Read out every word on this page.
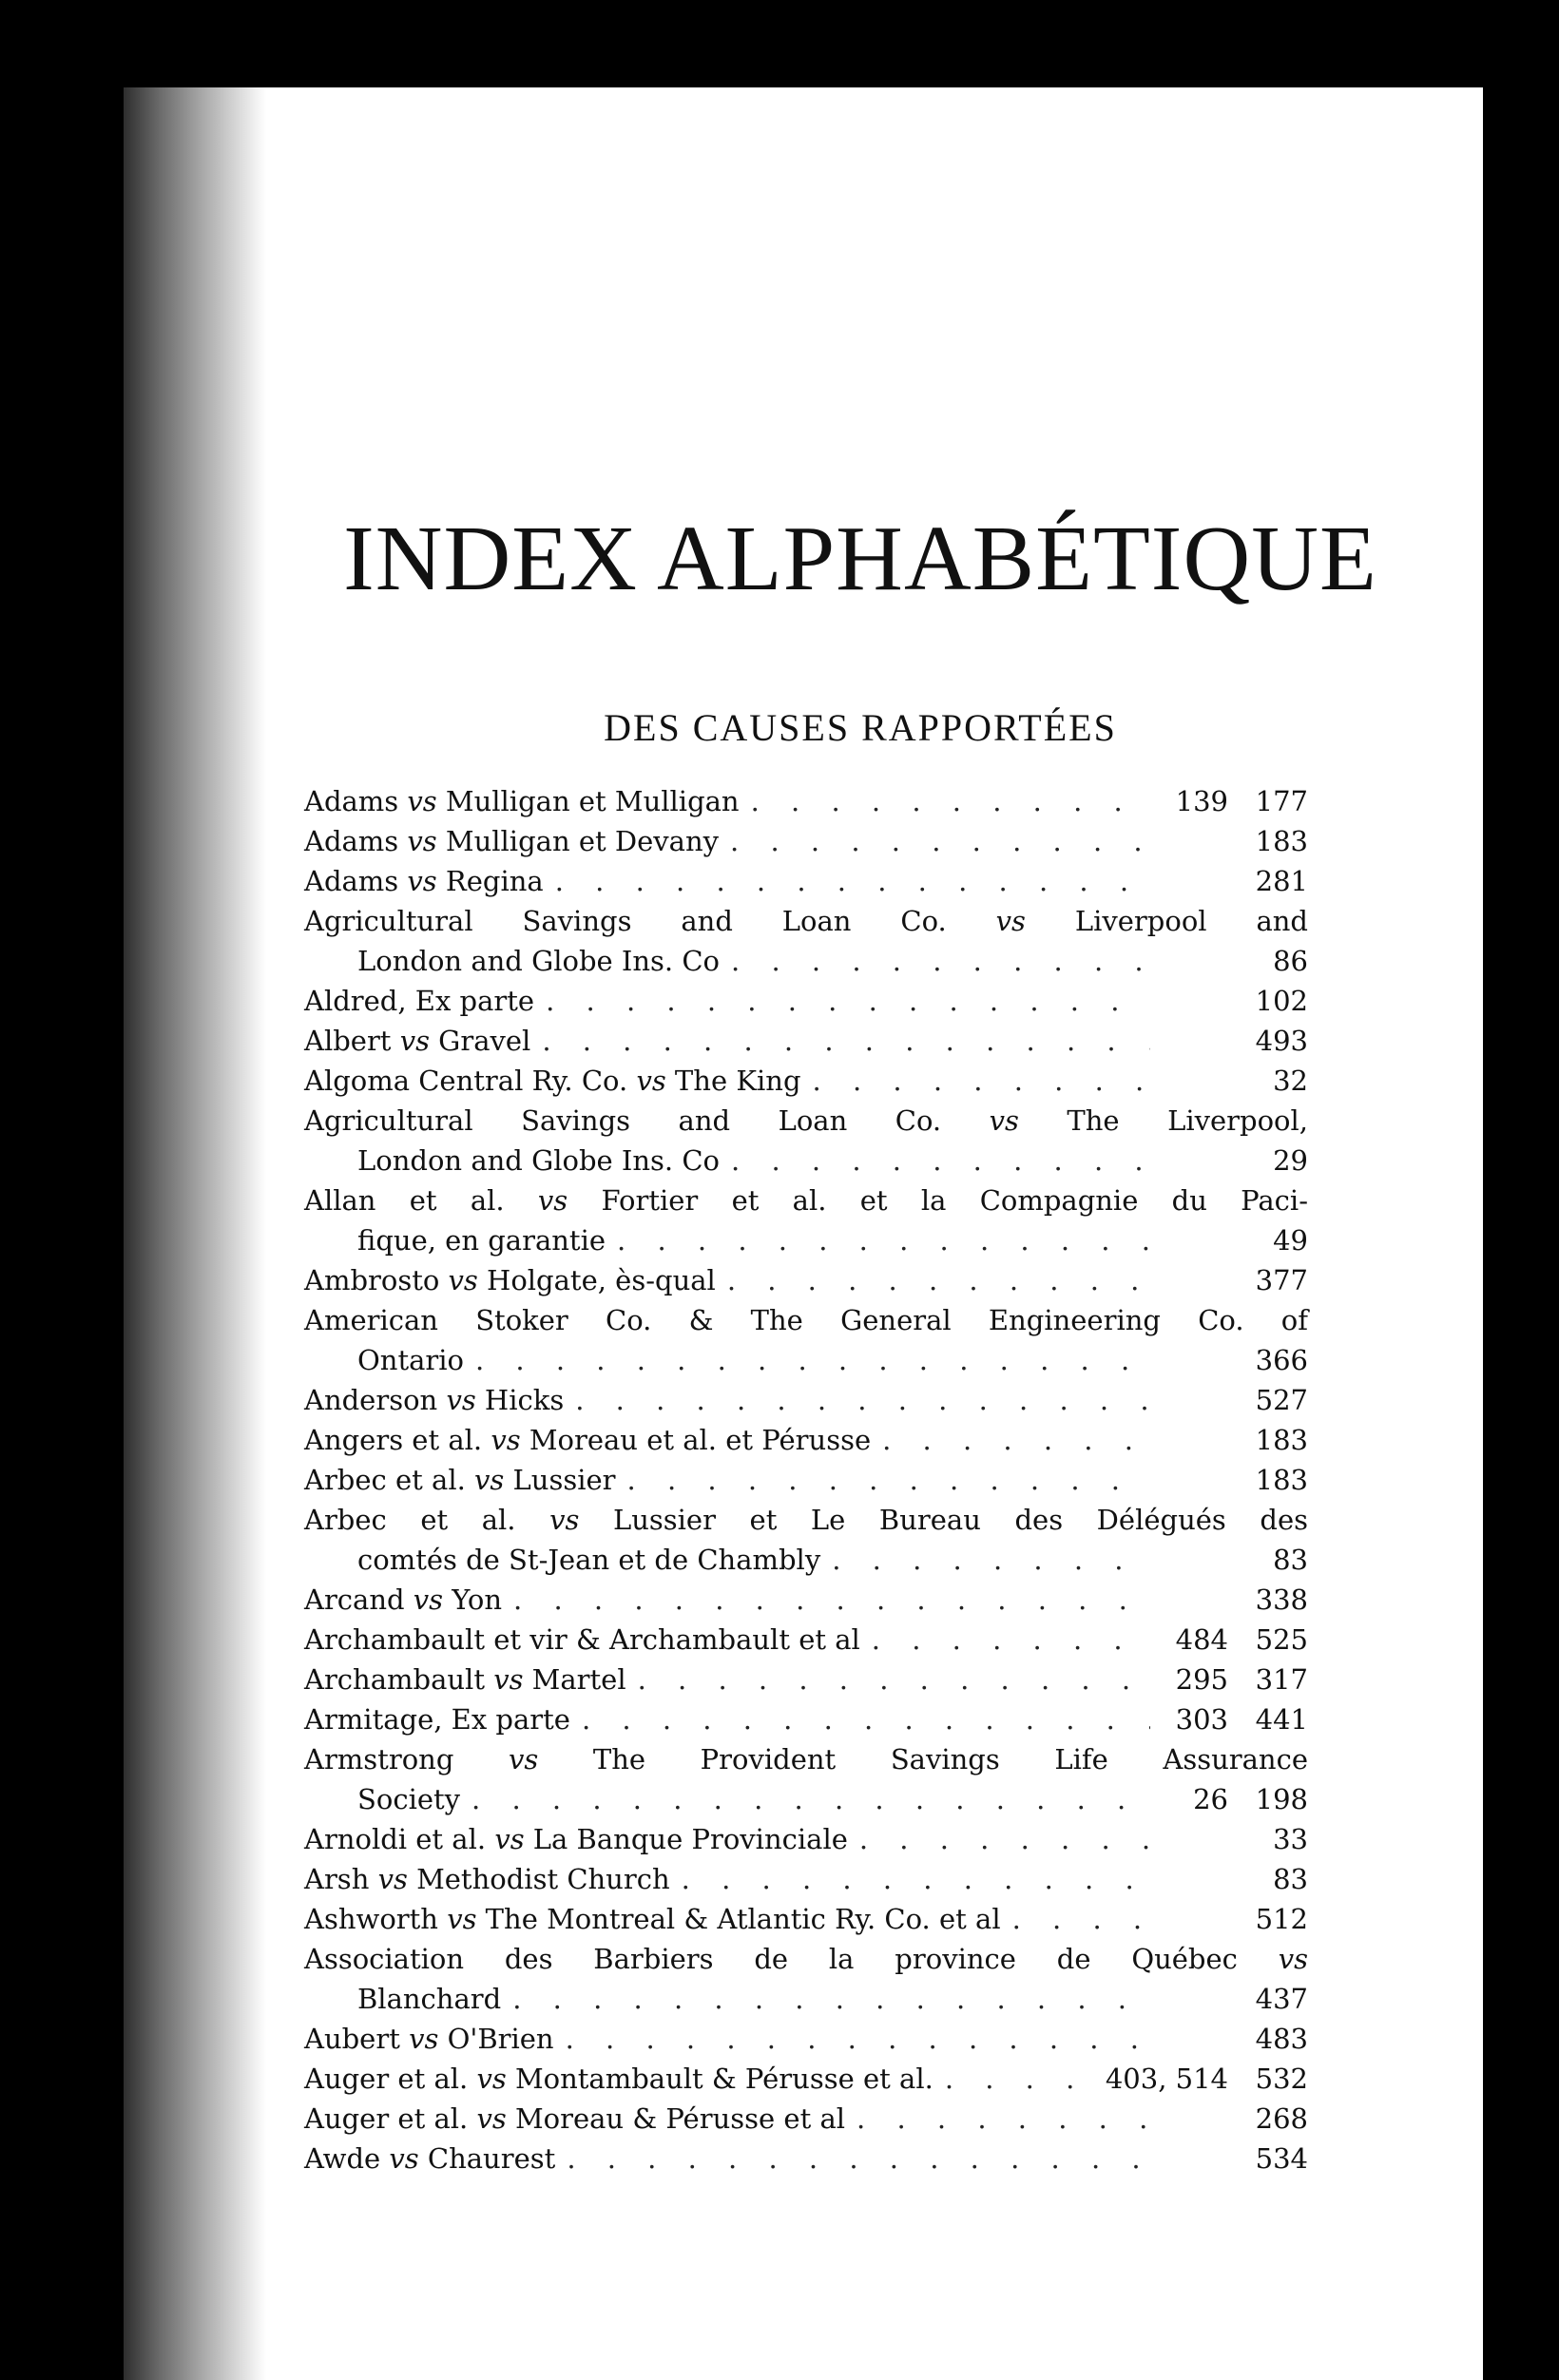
INDEX ALPHABÉTIQUE
DES CAUSES RAPPORTÉES
Adams vs Mulligan et Mulligan . . .	139 177
Adams vs Mulligan et Devany . . .	183
Adams vs Regina . . .	281
Agricultural Savings and Loan Co. vs Liverpool and
London and Globe Ins. Co . . .	86
Aldred, Ex parte . . .	102
Albert vs Gravel . . .	493
Algoma Central Ry. Co. vs The King . . .	32
Agricultural Savings and Loan Co. vs The Liverpool,
London and Globe Ins. Co . . .	29
Allan et al. vs Fortier et al. et la Compagnie du Paci-
fique, en garantie . . .	49
Ambrosto vs Holgate, ès-qual . . .	377
American Stoker Co. & The General Engineering Co. of
Ontario . . .	366
Anderson vs Hicks . . .	527
Angers et al. vs Moreau et al. et Pérusse . . .	183
Arbec et al. vs Lussier . . .	183
Arbec et al. vs Lussier et Le Bureau des Délégués des
comtés de St-Jean et de Chambly . . .	83
Arcand vs Yon . . .	338
Archambault et vir & Archambault et al . . .	484 525
Archambault vs Martel . . .	295 317
Armitage, Ex parte . . .	303 441
Armstrong vs The Provident Savings Life Assurance
Society . . .	26 198
Arnoldi et al. vs La Banque Provinciale . . .	33
Arsh vs Methodist Church . . .	83
Ashworth vs The Montreal & Atlantic Ry. Co. et al . . .	512
Association des Barbiers de la province de Québec vs
Blanchard . . .	437
Aubert vs O'Brien . . .	483
Auger et al. vs Montambault & Pérusse et al. . . .	403, 514 532
Auger et al. vs Moreau & Pérusse et al . . .	268
Awde vs Chaurest . . .	534
